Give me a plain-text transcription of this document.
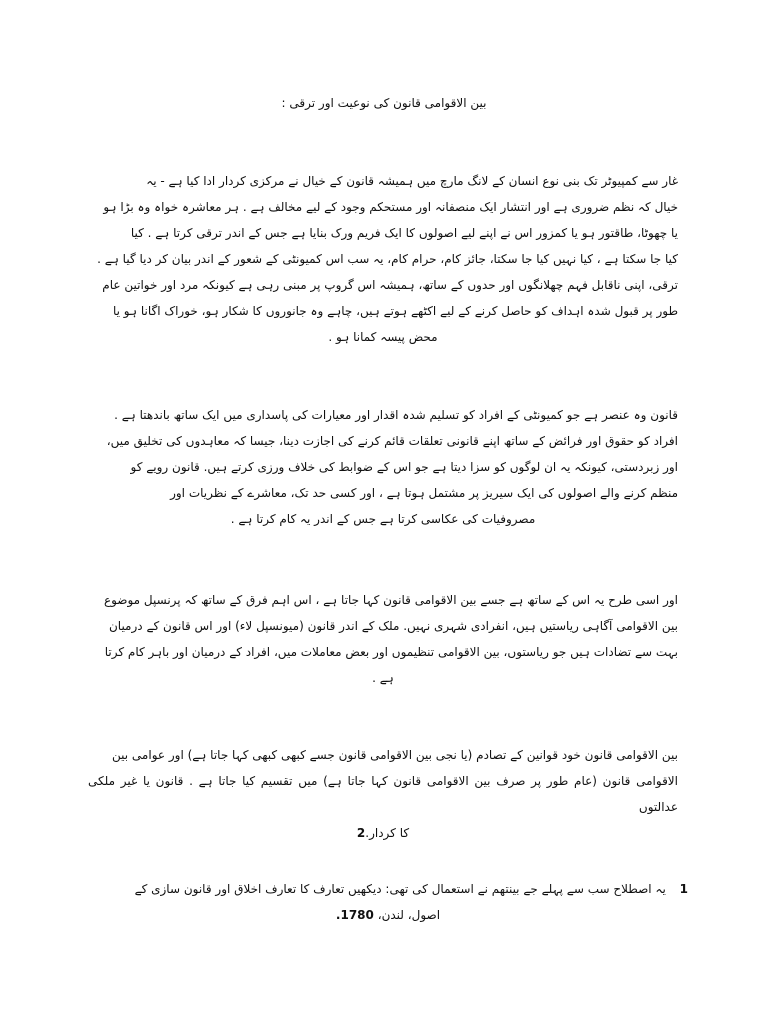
بین الاقوامی قانون کی نوعیت اور ترقی :
غار سے کمپیوٹر تک بنی نوع انسان کے لانگ مارچ میں ہمیشہ قانون کے خیال نے مرکزی کردار ادا کیا ہے - یہ
خیال کہ نظم ضروری ہے اور انتشار ایک منصفانہ اور مستحکم وجود کے لیے مخالف ہے . ہر معاشرہ خواہ وہ بڑا ہو
یا چھوٹا، طاقتور ہو یا کمزور اس نے اپنے لیے اصولوں کا ایک فریم ورک بنایا ہے جس کے اندر ترقی کرتا ہے . کیا
کیا جا سکتا ہے ، کیا نہیں کیا جا سکتا، جائز کام، حرام کام، یہ سب اس کمیونٹی کے شعور کے اندر بیان کر دیا گیا ہے .
ترقی، اپنی ناقابل فہم چھلانگوں اور حدوں کے ساتھ، ہمیشہ اس گروپ پر مبنی رہی ہے کیونکہ مرد اور خواتین عام
طور پر قبول شدہ اہداف کو حاصل کرنے کے لیے اکٹھے ہوتے ہیں، چاہے وہ جانوروں کا شکار ہو، خوراک اگانا ہو یا
محض پیسہ کمانا ہو .
قانون وہ عنصر ہے جو کمیونٹی کے افراد کو تسلیم شدہ اقدار اور معیارات کی پاسداری میں ایک ساتھ باندھتا ہے .
افراد کو حقوق اور فرائض کے ساتھ اپنے قانونی تعلقات قائم کرنے کی اجازت دینا، جیسا کہ معاہدوں کی تخلیق میں،
اور زبردستی، کیونکہ یہ ان لوگوں کو سزا دیتا ہے جو اس کے ضوابط کی خلاف ورزی کرتے ہیں. قانون رویے کو
منظم کرنے والے اصولوں کی ایک سیریز پر مشتمل ہوتا ہے ، اور کسی حد تک، معاشرے کے نظریات اور
مصروفیات کی عکاسی کرتا ہے جس کے اندر یہ کام کرتا ہے .
اور اسی طرح یہ اس کے ساتھ ہے جسے بین الاقوامی قانون کہا جاتا ہے ، اس اہم فرق کے ساتھ کہ پرنسپل موضوع
بین الاقوامی آگاہی ریاستیں ہیں، انفرادی شہری نہیں. ملک کے اندر قانون (میونسپل لاء) اور اس قانون کے درمیان
بہت سے تضادات ہیں جو ریاستوں، بین الاقوامی تنظیموں اور بعض معاملات میں، افراد کے درمیان اور باہر کام کرتا
ہے .
بین الاقوامی قانون خود قوانین کے تصادم (یا نجی بین الاقوامی قانون جسے کبھی کبھی کہا جاتا ہے) اور عوامی بین
الاقوامی قانون (عام طور پر صرف بین الاقوامی قانون کہا جاتا ہے) میں تقسیم کیا جاتا ہے . قانون یا غیر ملکی عدالتوں
کا کردار.2
1 یہ اصطلاح سب سے پہلے جے بینتھم نے استعمال کی تھی: دیکھیں تعارف کا تعارف اخلاق اور قانون سازی کے
اصول، لندن، 1780.
